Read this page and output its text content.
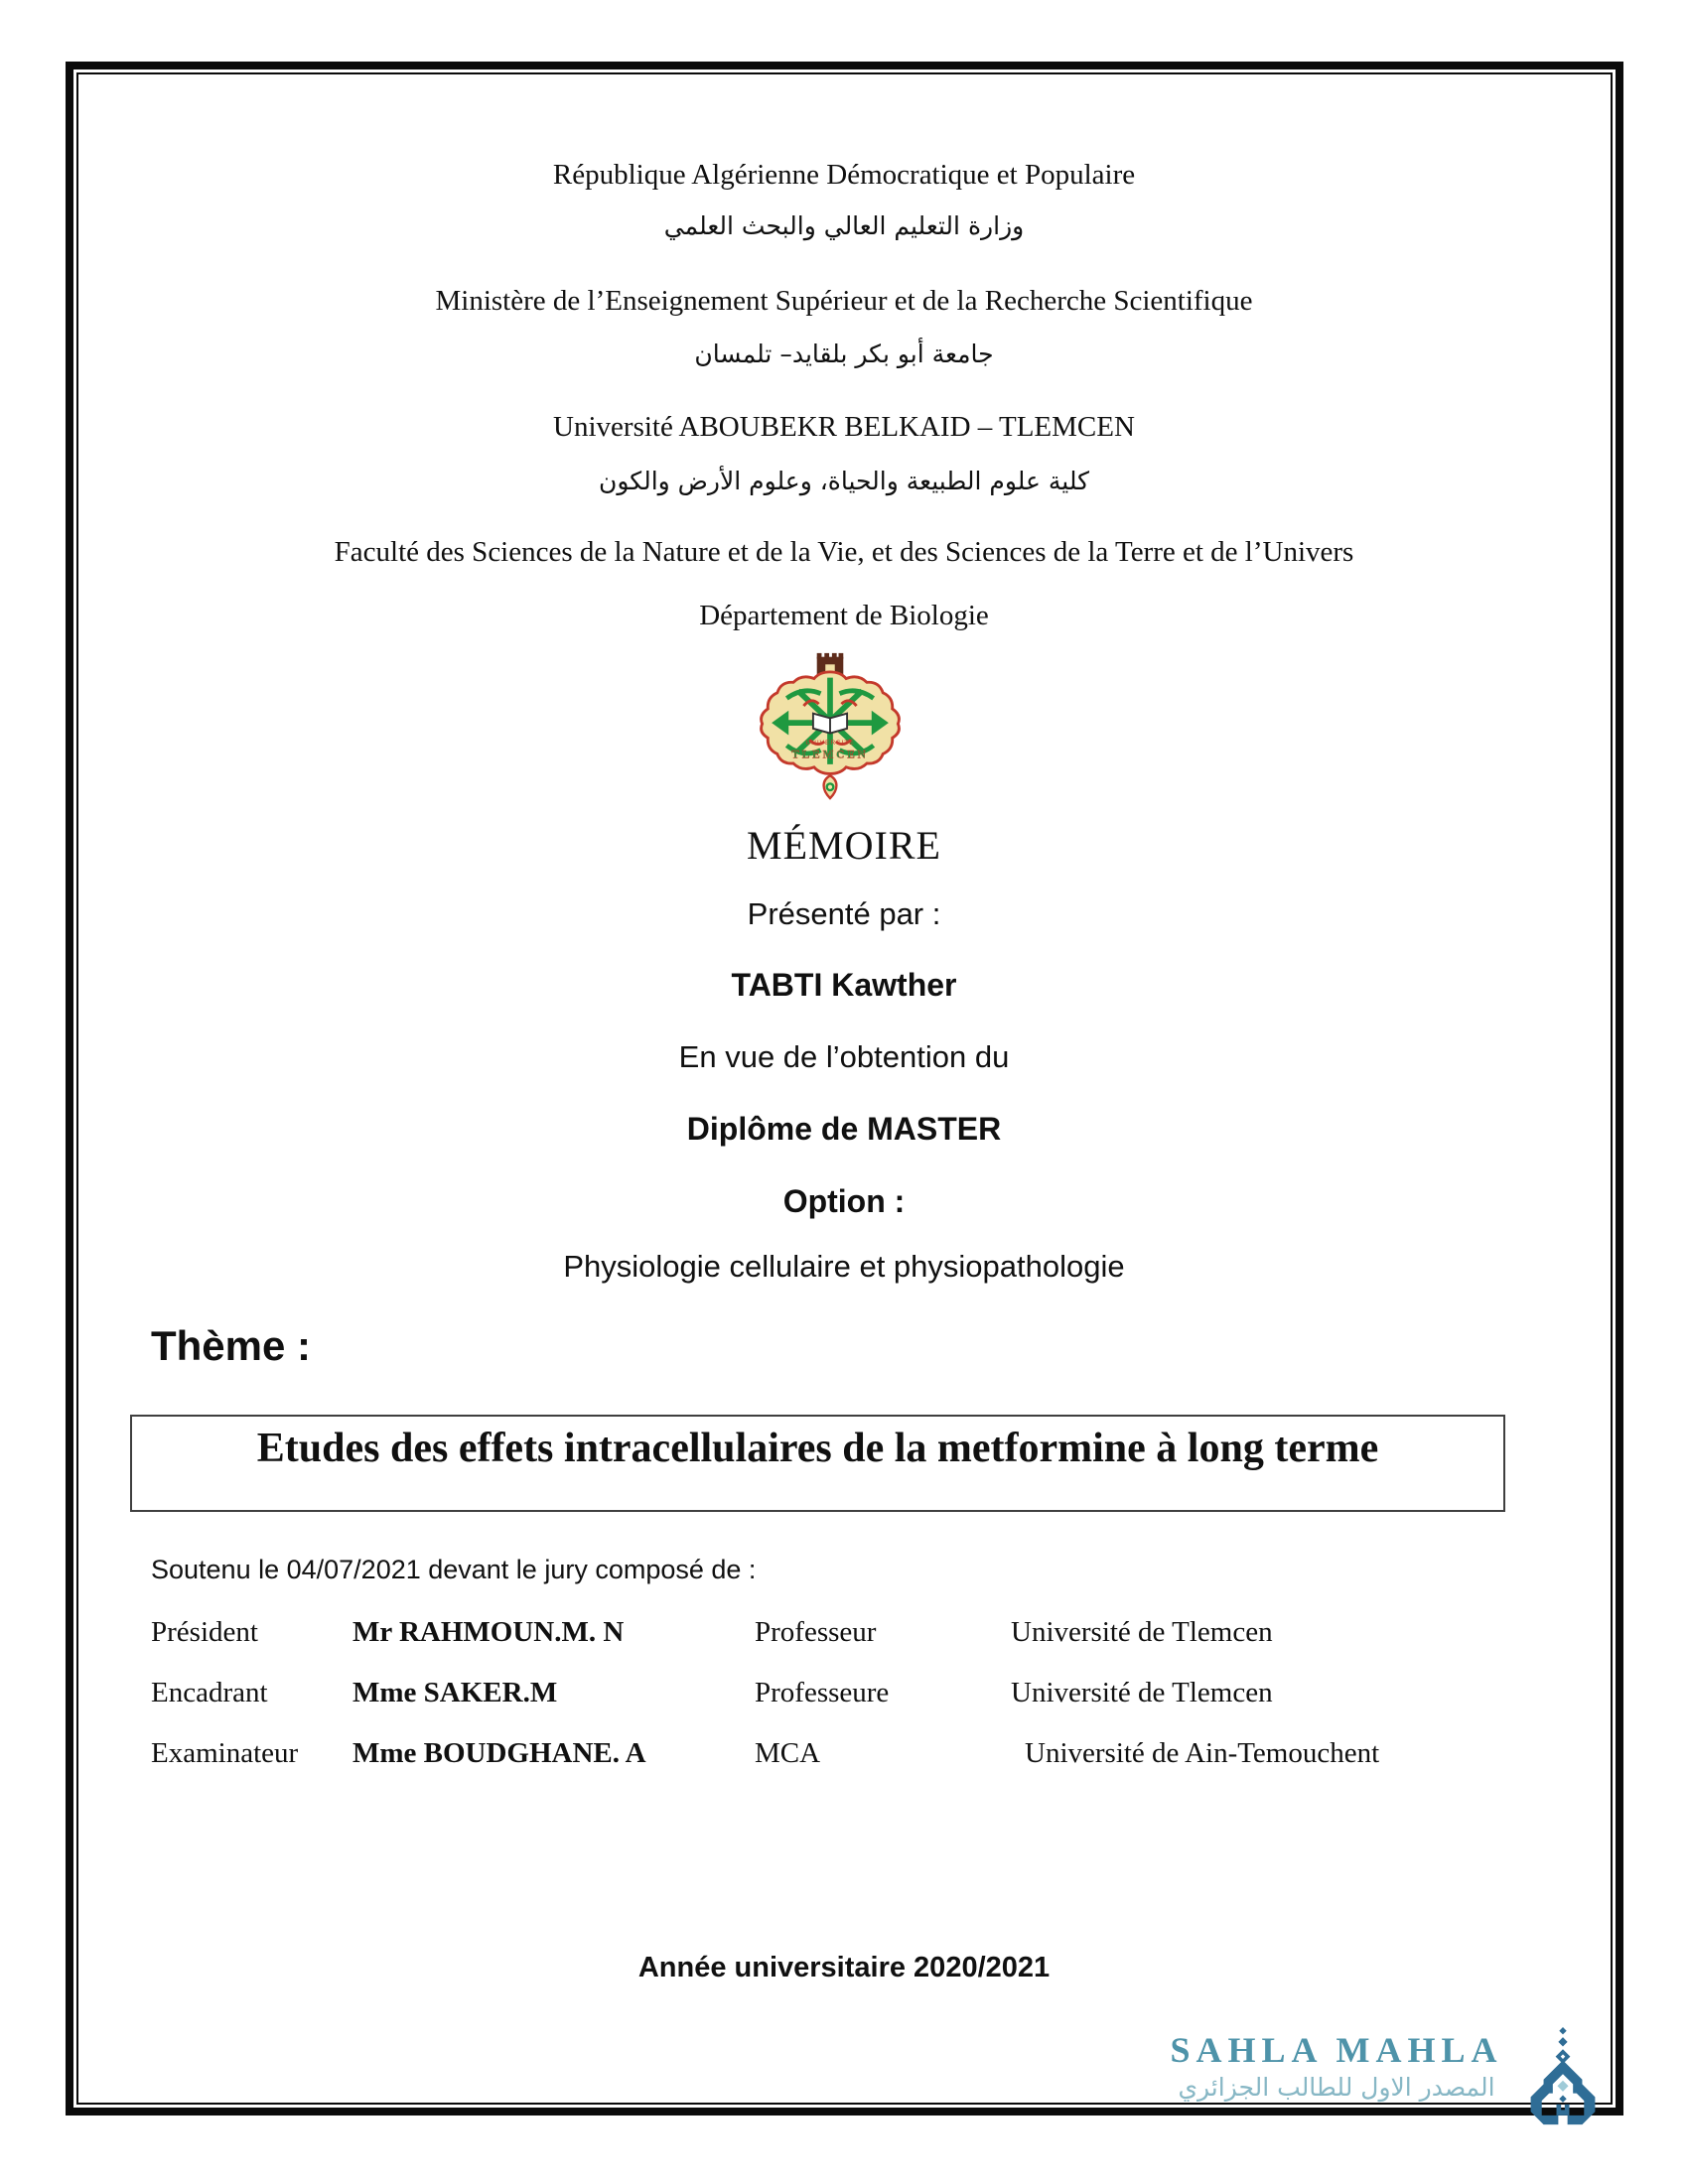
République Algérienne Démocratique et Populaire
وزارة التعليم العالي والبحث العلمي
Ministère de l’Enseignement Supérieur et de la Recherche Scientifique
جامعة أبو بكر بلقايد– تلمسان
Université ABOUBEKR BELKAID – TLEMCEN
كلية علوم الطبيعة والحياة، وعلوم الأرض والكون
Faculté des Sciences de la Nature et de la Vie, et des Sciences de la Terre et de l’Univers
Département de Biologie
UNIVERSITÉ
TLEMCEN
MÉMOIRE
Présenté par :
TABTI Kawther
En vue de l’obtention du
Diplôme de MASTER
Option :
Physiologie cellulaire et physiopathologie
Thème :
Etudes des effets intracellulaires de la metformine à long terme
Soutenu le 04/07/2021 devant le jury composé de :
Président	Mr RAHMOUN.M. N	Professeur	Université de Tlemcen
Encadrant	Mme SAKER.M	Professeure	Université de Tlemcen
Examinateur	Mme BOUDGHANE. A	MCA	Université de Ain-Temouchent
Année universitaire 2020/2021
SAHLA MAHLA
المصدر الاول للطالب الجزائري
